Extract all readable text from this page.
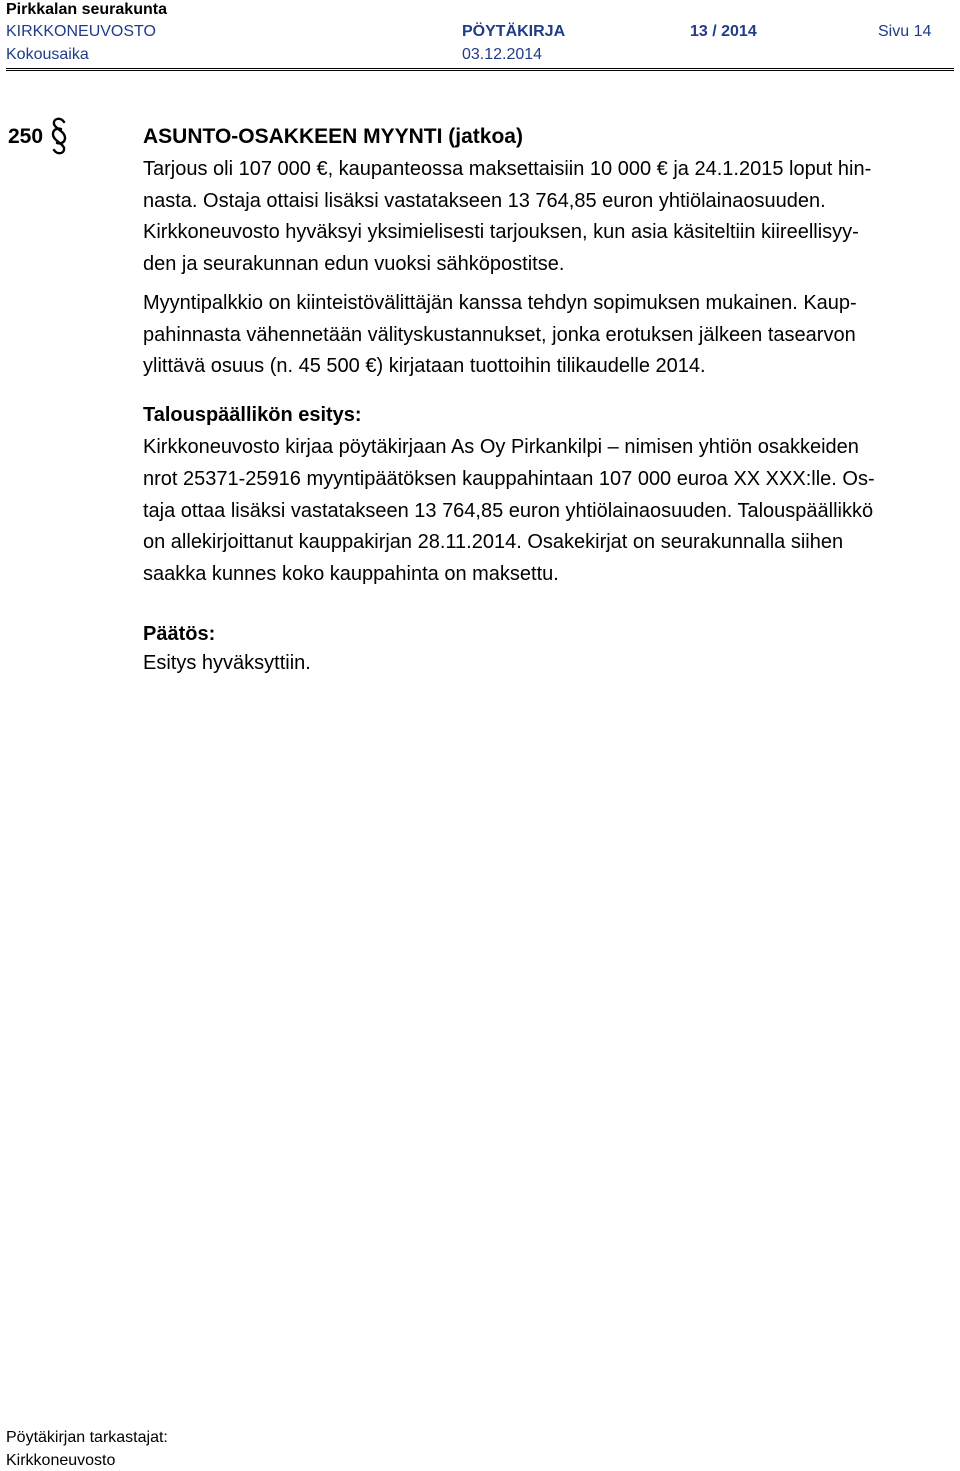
Pirkkalan seurakunta
KIRKKONEUVOSTO	PÖYTÄKIRJA	13 / 2014	Sivu 14
Kokousaika	03.12.2014
250	ASUNTO-OSAKKEEN MYYNTI (jatkoa)
Tarjous oli 107 000 €, kaupanteossa maksettaisiin 10 000 € ja 24.1.2015 loput hin-
nasta. Ostaja ottaisi lisäksi vastatakseen 13 764,85 euron yhtiölainaosuuden.
Kirkkoneuvosto hyväksyi yksimielisesti tarjouksen, kun asia käsiteltiin kiireellisyy-
den ja seurakunnan edun vuoksi sähköpostitse.
Myyntipalkkio on kiinteistövälittäjän kanssa tehdyn sopimuksen mukainen. Kaup-
pahinnasta vähennetään välityskustannukset, jonka erotuksen jälkeen tasearvon
ylittävä osuus (n. 45 500 €) kirjataan tuottoihin tilikaudelle 2014.
Talouspäällikön esitys:
Kirkkoneuvosto kirjaa pöytäkirjaan As Oy Pirkankilpi – nimisen yhtiön osakkeiden
nrot 25371-25916 myyntipäätöksen kauppahintaan 107 000 euroa XX XXX:lle. Os-
taja ottaa lisäksi vastatakseen 13 764,85 euron yhtiölainaosuuden. Talouspäällikkö
on allekirjoittanut kauppakirjan 28.11.2014. Osakekirjat on seurakunnalla siihen
saakka kunnes koko kauppahinta on maksettu.
Päätös:
Esitys hyväksyttiin.
Pöytäkirjan tarkastajat:
Kirkkoneuvosto
